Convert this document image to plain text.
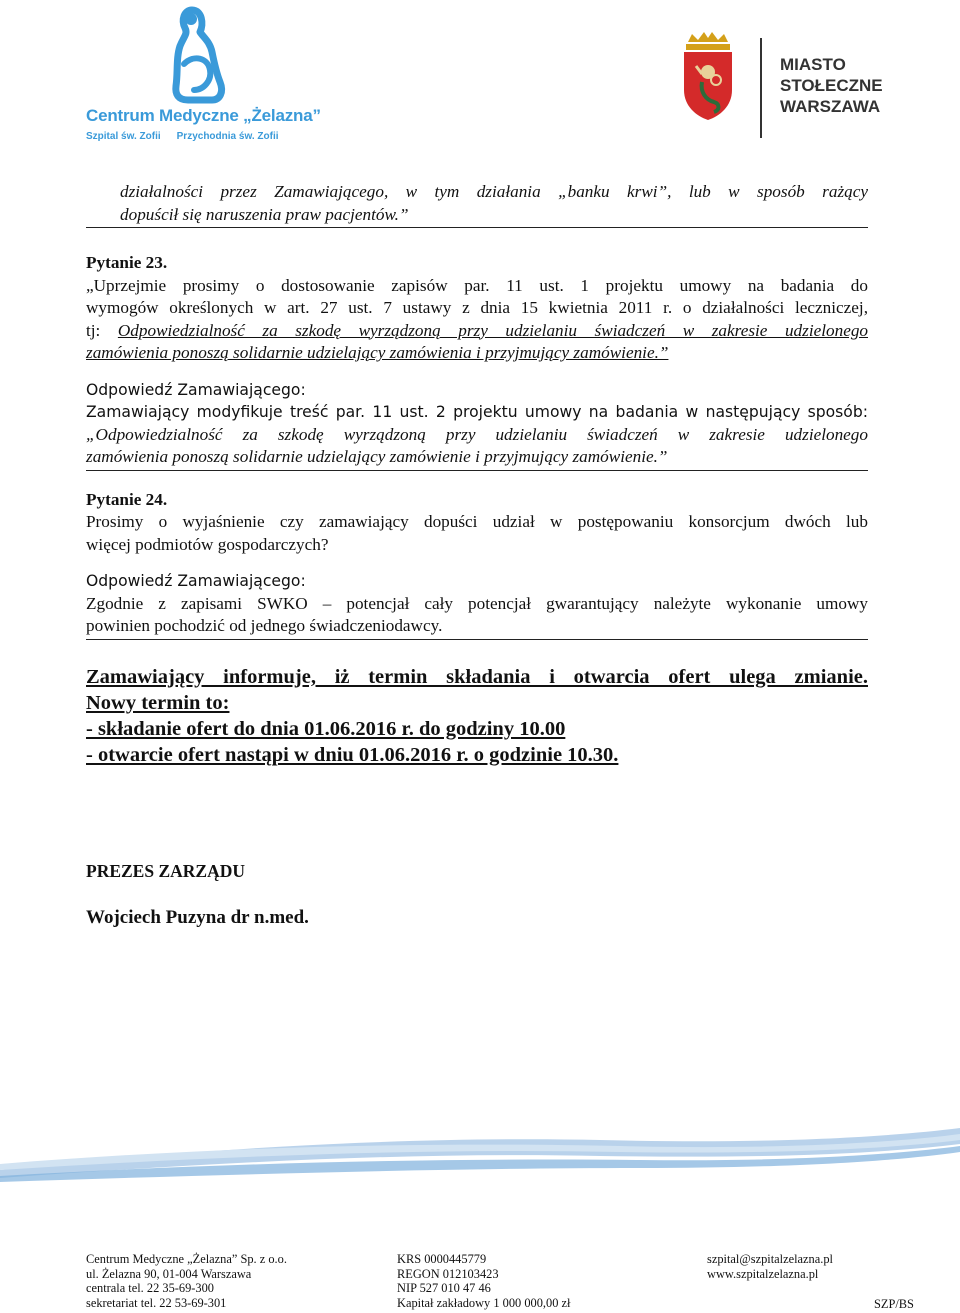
Centrum Medyczne „Żelazna”
Szpital św. Zofii Przychodnia św. Zofii
MIASTO
STOŁECZNE
WARSZAWA

działalności przez Zamawiającego, w tym działania „banku krwi”, lub w sposób rażący

dopuścił się naruszenia praw pacjentów.”

Pytanie 23.

„Uprzejmie prosimy o dostosowanie zapisów par. 11 ust. 1 projektu umowy na badania do

wymogów określonych w art. 27 ust. 7 ustawy z dnia 15 kwietnia 2011 r. o działalności leczniczej,

tj: Odpowiedzialność za szkodę wyrządzoną przy udzielaniu świadczeń w zakresie udzielonego

zamówienia ponoszą solidarnie udzielający zamówienia i przyjmujący zamówienie.”

Odpowiedź Zamawiającego:

Zamawiający modyfikuje treść par. 11 ust. 2 projektu umowy na badania w następujący sposób:

„Odpowiedzialność za szkodę wyrządzoną przy udzielaniu świadczeń w zakresie udzielonego

zamówienia ponoszą solidarnie udzielający zamówienie i przyjmujący zamówienie.”

Pytanie 24.

Prosimy o wyjaśnienie czy zamawiający dopuści udział w postępowaniu konsorcjum dwóch lub

więcej podmiotów gospodarczych?

Odpowiedź Zamawiającego:

Zgodnie z zapisami SWKO – potencjał cały potencjał gwarantujący należyte wykonanie umowy

powinien pochodzić od jednego świadczeniodawcy.

Zamawiający informuje, iż termin składania i otwarcia ofert ulega zmianie.

Nowy termin to:

- składanie ofert do dnia 01.06.2016 r. do godziny 10.00

- otwarcie ofert nastąpi w dniu 01.06.2016 r. o godzinie 10.30.

PREZES ZARZĄDU
Wojciech Puzyna dr n.med.
Centrum Medyczne „Żelazna” Sp. z o.o.
ul. Żelazna 90, 01-004 Warszawa
centrala tel. 22 35-69-300
sekretariat tel. 22 53-69-301
KRS 0000445779
REGON 012103423
NIP 527 010 47 46
Kapitał zakładowy 1 000 000,00 zł
szpital@szpitalzelazna.pl
www.szpitalzelazna.pl
SZP/BS
